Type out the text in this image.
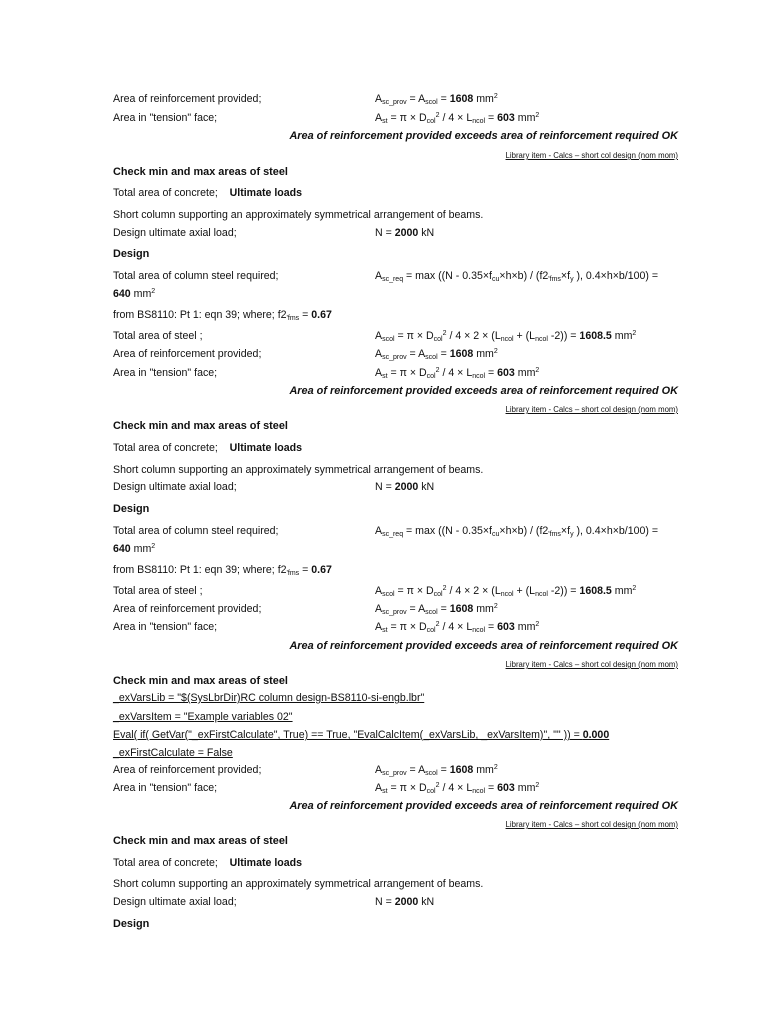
Area of reinforcement provided;	$A_{sc\_prov} = A_{scol} = 1608$ $mm^2$
Area in "tension" face;	$A_{st} = \pi \times D_{col}^2 / 4 \times L_{ncol} = 603$ $mm^2$
Area of reinforcement provided exceeds area of reinforcement required OK
Library item - Calcs – short col design (nom mom)
Check min and max areas of steel
Total area of concrete; Ultimate loads
Short column supporting an approximately symmetrical arrangement of beams.
Design ultimate axial load;	N = 2000 kN
Design
Total area of column steel required;	$A_{sc\_req} = \max ((N - 0.35\times f_{cu}\times h\times b) / (f2_{'fms}\times f_y$ ), 0.4×h×b/100) =
640 $mm^2$
from BS8110: Pt 1: eqn 39; where; $f2_{'fms} = 0.67$
Total area of steel ;	$A_{scol} = \pi \times D_{col}^2 / 4 \times 2 \times (L_{ncol} + (L_{ncol}$ -2)) = 1608.5 $mm^2$
Area of reinforcement provided;	$A_{sc\_prov} = A_{scol} = 1608$ $mm^2$
Area in "tension" face;	$A_{st} = \pi \times D_{col}^2 / 4 \times L_{ncol} = 603$ $mm^2$
Area of reinforcement provided exceeds area of reinforcement required OK
Library item - Calcs – short col design (nom mom)
Check min and max areas of steel
Total area of concrete; Ultimate loads
Short column supporting an approximately symmetrical arrangement of beams.
Design ultimate axial load;	N = 2000 kN
Design
Total area of column steel required;	$A_{sc\_req} = \max ((N - 0.35\times f_{cu}\times h\times b) / (f2_{'fms}\times f_y$ ), 0.4×h×b/100) =
640 $mm^2$
from BS8110: Pt 1: eqn 39; where; $f2_{'fms} = 0.67$
Total area of steel ;	$A_{scol} = \pi \times D_{col}^2 / 4 \times 2 \times (L_{ncol} + (L_{ncol}$ -2)) = 1608.5 $mm^2$
Area of reinforcement provided;	$A_{sc\_prov} = A_{scol} = 1608$ $mm^2$
Area in "tension" face;	$A_{st} = \pi \times D_{col}^2 / 4 \times L_{ncol} = 603$ $mm^2$
Area of reinforcement provided exceeds area of reinforcement required OK
Library item - Calcs – short col design (nom mom)
Check min and max areas of steel
_exVarsLib = "$(SysLbrDir)RC column design-BS8110-si-engb.lbr"
_exVarsItem = "Example variables 02"
Eval( if( GetVar("_exFirstCalculate", True) == True, "EvalCalcItem(_exVarsLib, _exVarsItem)", "" )) = 0.000
_exFirstCalculate = False
Area of reinforcement provided;	$A_{sc\_prov} = A_{scol} = 1608$ $mm^2$
Area in "tension" face;	$A_{st} = \pi \times D_{col}^2 / 4 \times L_{ncol} = 603$ $mm^2$
Area of reinforcement provided exceeds area of reinforcement required OK
Library item - Calcs – short col design (nom mom)
Check min and max areas of steel
Total area of concrete; Ultimate loads
Short column supporting an approximately symmetrical arrangement of beams.
Design ultimate axial load;	N = 2000 kN
Design
